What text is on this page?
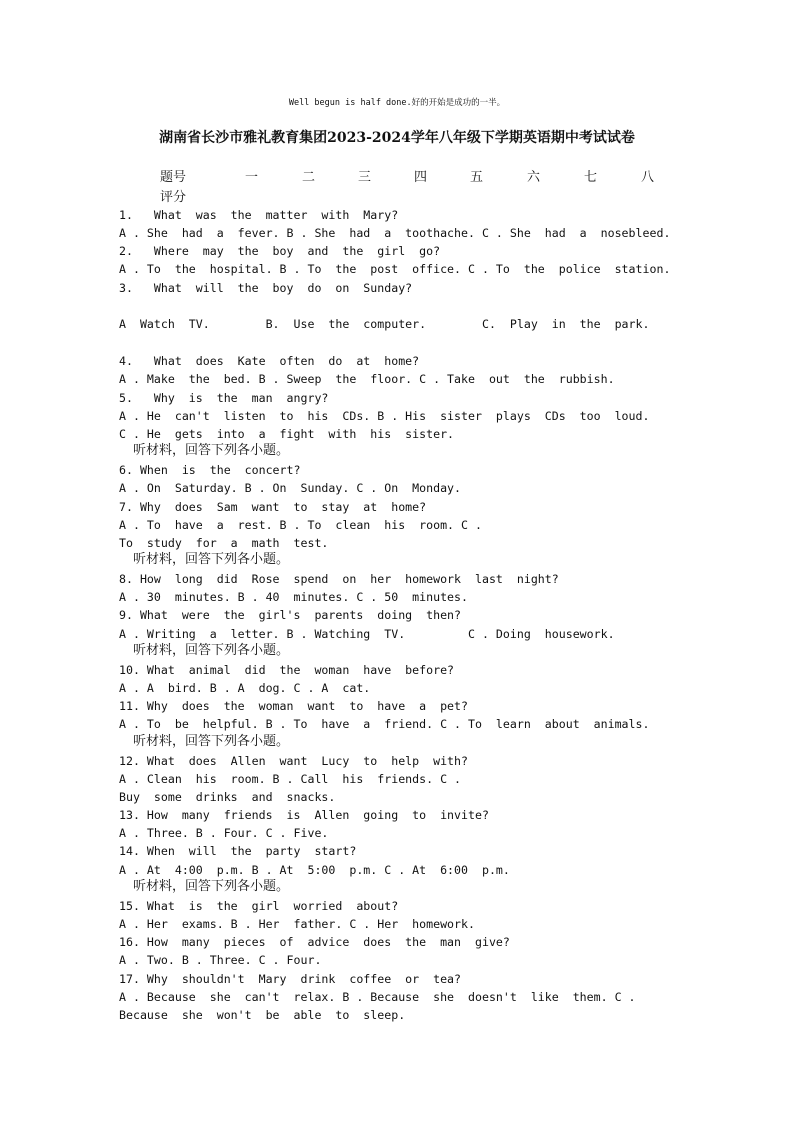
Well begun is half done.好的开始是成功的一半。
湖南省长沙市雅礼教育集团2023-2024学年八年级下学期英语期中考试试卷
题号	一	二	三	四	五	六	七	八
评分
1.   What  was  the  matter  with  Mary?
A . She  had  a  fever. B . She  had  a  toothache. C . She  had  a  nosebleed.
2.   Where  may  the  boy  and  the  girl  go?
A . To  the  hospital. B . To  the  post  office. C . To  the  police  station.
3.   What  will  the  boy  do  on  Sunday?
A  Watch  TV.        B.  Use  the  computer.        C.  Play  in  the  park.
4.   What  does  Kate  often  do  at  home?
A . Make  the  bed. B . Sweep  the  floor. C . Take  out  the  rubbish.
5.   Why  is  the  man  angry?
A . He  can't  listen  to  his  CDs. B . His  sister  plays  CDs  too  loud.
C . He  gets  into  a  fight  with  his  sister.
听材料，回答下列各小题。
6. When  is  the  concert?
A . On  Saturday. B . On  Sunday. C . On  Monday.
7. Why  does  Sam  want  to  stay  at  home?
A . To  have  a  rest. B . To  clean  his  room. C .
To  study  for  a  math  test.
听材料，回答下列各小题。
8. How  long  did  Rose  spend  on  her  homework  last  night?
A . 30  minutes. B . 40  minutes. C . 50  minutes.
9. What  were  the  girl's  parents  doing  then?
A . Writing  a  letter. B . Watching  TV.         C . Doing  housework.
听材料，回答下列各小题。
10. What  animal  did  the  woman  have  before?
A . A  bird. B . A  dog. C . A  cat.
11. Why  does  the  woman  want  to  have  a  pet?
A . To  be  helpful. B . To  have  a  friend. C . To  learn  about  animals.
听材料，回答下列各小题。
12. What  does  Allen  want  Lucy  to  help  with?
A . Clean  his  room. B . Call  his  friends. C .
Buy  some  drinks  and  snacks.
13. How  many  friends  is  Allen  going  to  invite?
A . Three. B . Four. C . Five.
14. When  will  the  party  start?
A . At  4:00  p.m. B . At  5:00  p.m. C . At  6:00  p.m.
听材料，回答下列各小题。
15. What  is  the  girl  worried  about?
A . Her  exams. B . Her  father. C . Her  homework.
16. How  many  pieces  of  advice  does  the  man  give?
A . Two. B . Three. C . Four.
17. Why  shouldn't  Mary  drink  coffee  or  tea?
A . Because  she  can't  relax. B . Because  she  doesn't  like  them. C .
Because  she  won't  be  able  to  sleep.
